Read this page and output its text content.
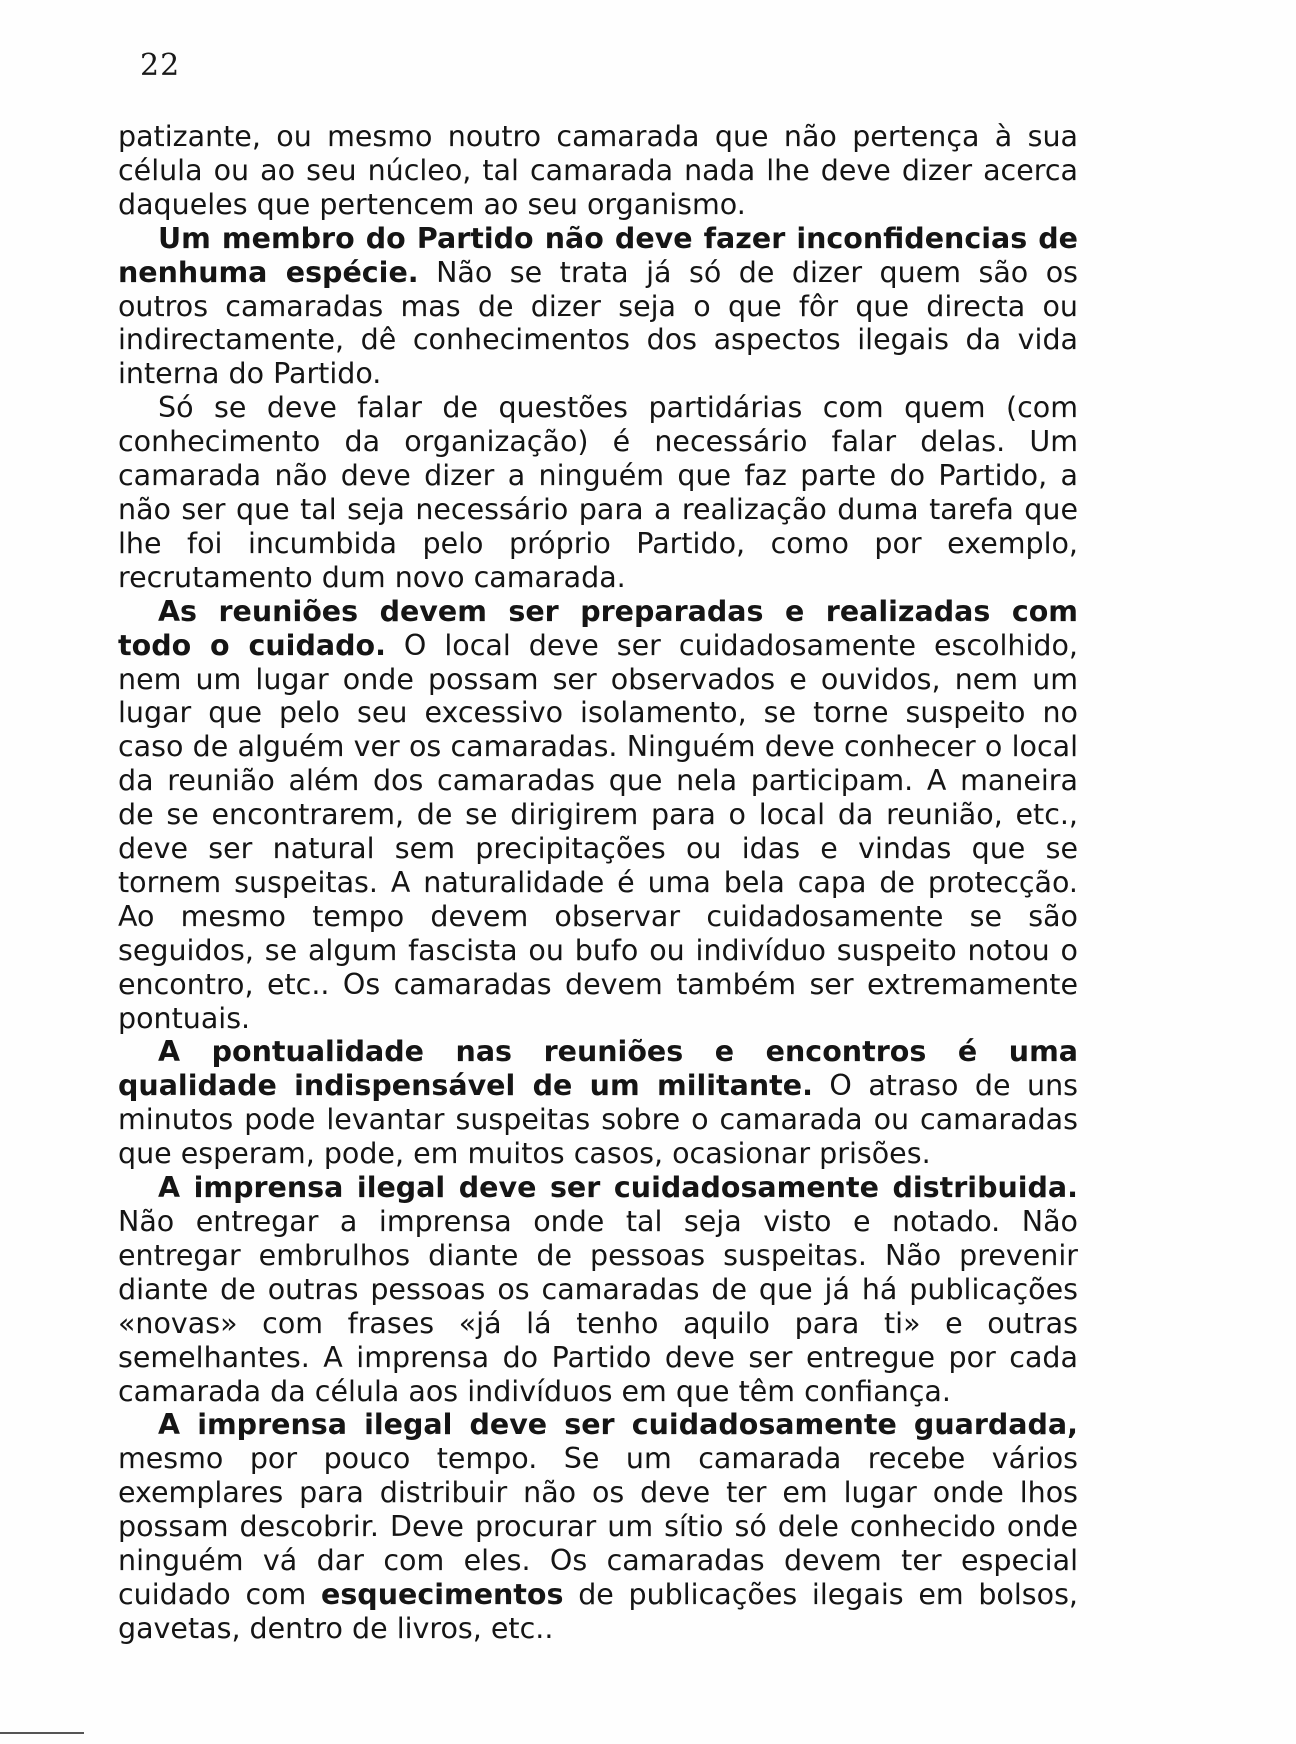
22

patizante, ou mesmo noutro camarada que não pertença à sua célula ou ao seu núcleo, tal camarada nada lhe deve dizer acerca daqueles que pertencem ao seu organismo.

Um membro do Partido não deve fazer inconfidencias de nenhuma espécie. Não se trata já só de dizer quem são os outros camaradas mas de dizer seja o que fôr que directa ou indirectamente, dê conhecimentos dos aspectos ilegais da vida interna do Partido.

Só se deve falar de questões partidárias com quem (com conhecimento da organização) é necessário falar delas. Um camarada não deve dizer a ninguém que faz parte do Partido, a não ser que tal seja necessário para a realização duma tarefa que lhe foi incumbida pelo próprio Partido, como por exemplo, recrutamento dum novo camarada.

As reuniões devem ser preparadas e realizadas com todo o cuidado. O local deve ser cuidadosamente escolhido, nem um lugar onde possam ser observados e ouvidos, nem um lugar que pelo seu excessivo isolamento, se torne suspeito no caso de alguém ver os camaradas. Ninguém deve conhecer o local da reunião além dos camaradas que nela participam. A maneira de se encontrarem, de se dirigirem para o local da reunião, etc., deve ser natural sem precipitações ou idas e vindas que se tornem suspeitas. A naturalidade é uma bela capa de protecção. Ao mesmo tempo devem observar cuidadosamente se são seguidos, se algum fascista ou bufo ou indivíduo suspeito notou o encontro, etc.. Os camaradas devem também ser extremamente pontuais.

A pontualidade nas reuniões e encontros é uma qualidade indispensável de um militante. O atraso de uns minutos pode levantar suspeitas sobre o camarada ou camaradas que esperam, pode, em muitos casos, ocasionar prisões.

A imprensa ilegal deve ser cuidadosamente distribuida. Não entregar a imprensa onde tal seja visto e notado. Não entregar embrulhos diante de pessoas suspeitas. Não prevenir diante de outras pessoas os camaradas de que já há publicações «novas» com frases «já lá tenho aquilo para ti» e outras semelhantes. A imprensa do Partido deve ser entregue por cada camarada da célula aos indivíduos em que têm confiança.

A imprensa ilegal deve ser cuidadosamente guardada, mesmo por pouco tempo. Se um camarada recebe vários exemplares para distribuir não os deve ter em lugar onde lhos possam descobrir. Deve procurar um sítio só dele conhecido onde ninguém vá dar com eles. Os camaradas devem ter especial cuidado com esquecimentos de publicações ilegais em bolsos, gavetas, dentro de livros, etc..
